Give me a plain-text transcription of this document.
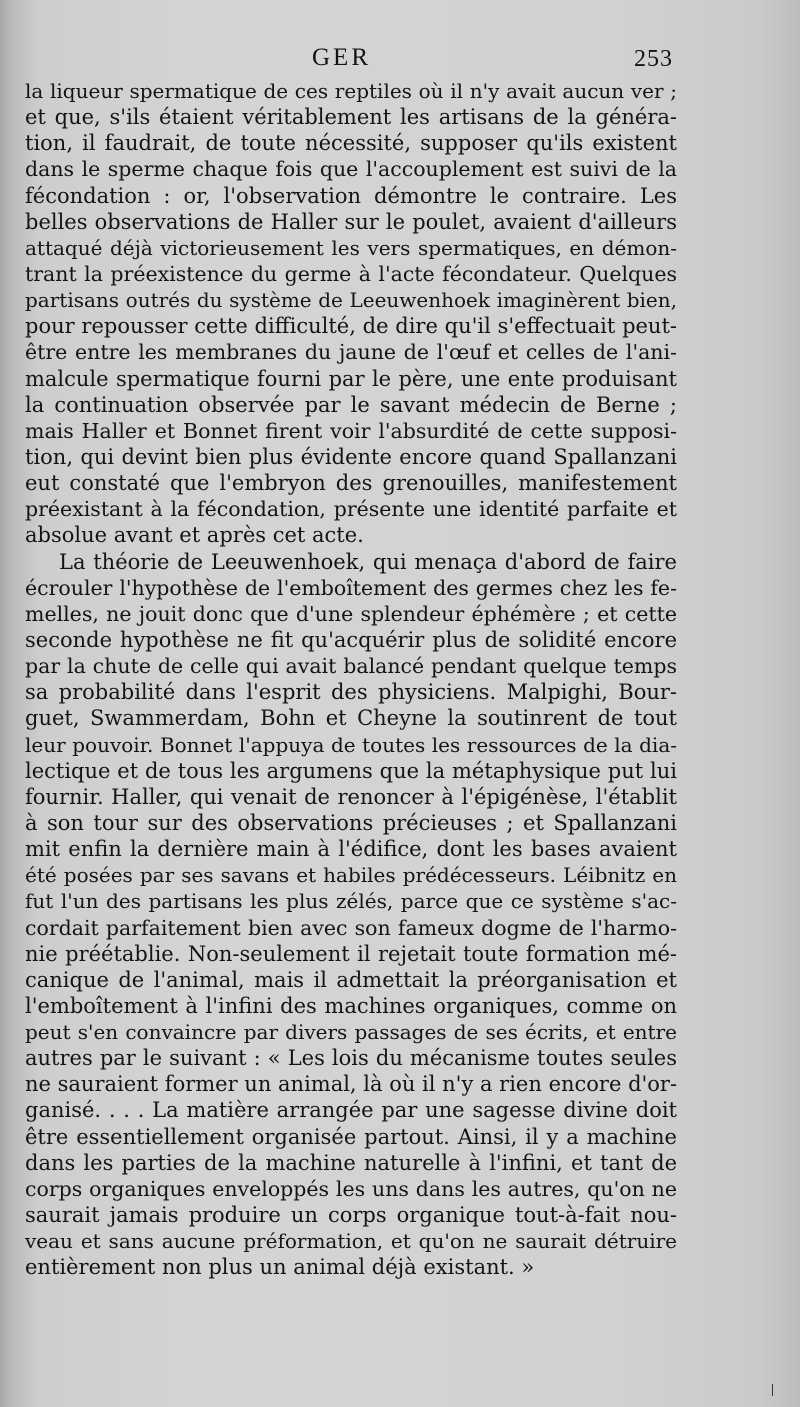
GER	253
la liqueur spermatique de ces reptiles où il n'y avait aucun ver ;
et que, s'ils étaient véritablement les artisans de la généra-
tion, il faudrait, de toute nécessité, supposer qu'ils existent
dans le sperme chaque fois que l'accouplement est suivi de la
fécondation : or, l'observation démontre le contraire. Les
belles observations de Haller sur le poulet, avaient d'ailleurs
attaqué déjà victorieusement les vers spermatiques, en démon-
trant la préexistence du germe à l'acte fécondateur. Quelques
partisans outrés du système de Leeuwenhoek imaginèrent bien,
pour repousser cette difficulté, de dire qu'il s'effectuait peut-
être entre les membranes du jaune de l'œuf et celles de l'ani-
malcule spermatique fourni par le père, une ente produisant
la continuation observée par le savant médecin de Berne ;
mais Haller et Bonnet firent voir l'absurdité de cette supposi-
tion, qui devint bien plus évidente encore quand Spallanzani
eut constaté que l'embryon des grenouilles, manifestement
préexistant à la fécondation, présente une identité parfaite et
absolue avant et après cet acte.
La théorie de Leeuwenhoek, qui menaça d'abord de faire
écrouler l'hypothèse de l'emboîtement des germes chez les fe-
melles, ne jouit donc que d'une splendeur éphémère ; et cette
seconde hypothèse ne fit qu'acquérir plus de solidité encore
par la chute de celle qui avait balancé pendant quelque temps
sa probabilité dans l'esprit des physiciens. Malpighi, Bour-
guet, Swammerdam, Bohn et Cheyne la soutinrent de tout
leur pouvoir. Bonnet l'appuya de toutes les ressources de la dia-
lectique et de tous les argumens que la métaphysique put lui
fournir. Haller, qui venait de renoncer à l'épigénèse, l'établit
à son tour sur des observations précieuses ; et Spallanzani
mit enfin la dernière main à l'édifice, dont les bases avaient
été posées par ses savans et habiles prédécesseurs. Léibnitz en
fut l'un des partisans les plus zélés, parce que ce système s'ac-
cordait parfaitement bien avec son fameux dogme de l'harmo-
nie préétablie. Non-seulement il rejetait toute formation mé-
canique de l'animal, mais il admettait la préorganisation et
l'emboîtement à l'infini des machines organiques, comme on
peut s'en convaincre par divers passages de ses écrits, et entre
autres par le suivant : « Les lois du mécanisme toutes seules
ne sauraient former un animal, là où il n'y a rien encore d'or-
ganisé. . . . La matière arrangée par une sagesse divine doit
être essentiellement organisée partout. Ainsi, il y a machine
dans les parties de la machine naturelle à l'infini, et tant de
corps organiques enveloppés les uns dans les autres, qu'on ne
saurait jamais produire un corps organique tout-à-fait nou-
veau et sans aucune préformation, et qu'on ne saurait détruire
entièrement non plus un animal déjà existant. »
